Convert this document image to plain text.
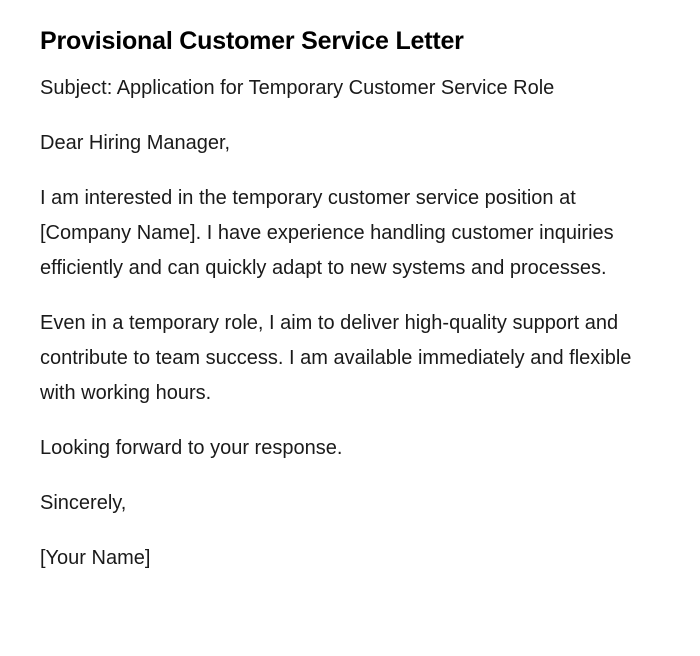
Provisional Customer Service Letter

Subject: Application for Temporary Customer Service Role

Dear Hiring Manager,

I am interested in the temporary customer service position at [Company Name]. I have experience handling customer inquiries efficiently and can quickly adapt to new systems and processes.

Even in a temporary role, I aim to deliver high-quality support and contribute to team success. I am available immediately and flexible with working hours.

Looking forward to your response.

Sincerely,

[Your Name]
